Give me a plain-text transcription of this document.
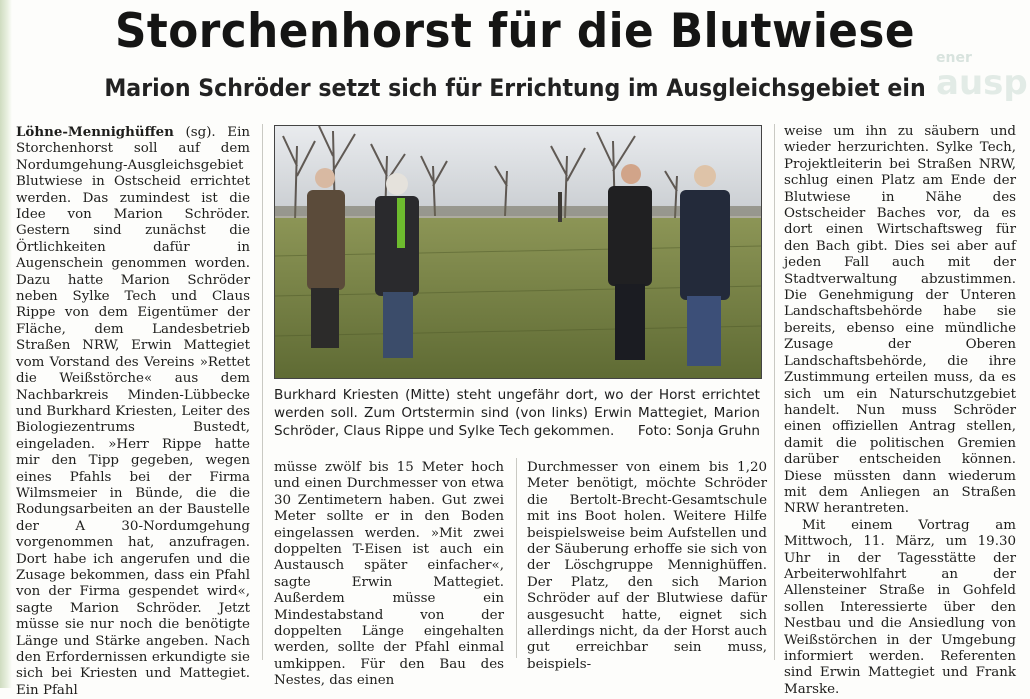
ener
ausp
Storchenhorst für die Blutwiese
Marion Schröder setzt sich für Errichtung im Ausgleichsgebiet ein

Löhne-Mennighüffen (sg). Ein Storchenhorst soll auf dem Nordumgehung-Ausgleichsgebiet Blutwiese in Ostscheid errichtet werden. Das zumindest ist die Idee von Marion Schröder. Gestern sind zunächst die Örtlichkeiten dafür in Augenschein genommen worden. Dazu hatte Marion Schröder neben Sylke Tech und Claus Rippe von dem Eigentümer der Fläche, dem Landesbetrieb Straßen NRW, Erwin Mattegiet vom Vorstand des Vereins »Rettet die Weißstörche« aus dem Nachbarkreis Minden-Lübbecke und Burkhard Kriesten, Leiter des Biologiezentrums Bustedt, eingeladen. »Herr Rippe hatte mir den Tipp gegeben, wegen eines Pfahls bei der Firma Wilmsmeier in Bünde, die die Rodungsarbeiten an der Baustelle der A 30-Nordumgehung vorgenommen hat, anzufragen. Dort habe ich angerufen und die Zusage bekommen, dass ein Pfahl von der Firma gespendet wird«, sagte Marion Schröder. Jetzt müsse sie nur noch die benötigte Länge und Stärke angeben. Nach den Erfordernissen erkundigte sie sich bei Kriesten und Mattegiet. Ein Pfahl

Burkhard Kriesten (Mitte) steht ungefähr dort, wo der Horst errichtet werden soll. Zum Ortstermin sind (von links) Erwin Mattegiet, Marion Schröder, Claus Rippe und Sylke Tech gekommen. Foto: Sonja Gruhn

müsse zwölf bis 15 Meter hoch und einen Durchmesser von etwa 30 Zentimetern haben. Gut zwei Meter sollte er in den Boden eingelassen werden. »Mit zwei doppelten T-Eisen ist auch ein Austausch später einfacher«, sagte Erwin Mattegiet. Außerdem müsse ein Mindestabstand von der doppelten Länge eingehalten werden, sollte der Pfahl einmal umkippen. Für den Bau des Nestes, das einen

Durchmesser von einem bis 1,20 Meter benötigt, möchte Schröder die Bertolt-Brecht-Gesamtschule mit ins Boot holen. Weitere Hilfe beispielsweise beim Aufstellen und der Säuberung erhoffe sie sich von der Löschgruppe Mennighüffen. Der Platz, den sich Marion Schröder auf der Blutwiese dafür ausgesucht hatte, eignet sich allerdings nicht, da der Horst auch gut erreichbar sein muss, beispiels-

weise um ihn zu säubern und wieder herzurichten. Sylke Tech, Projektleiterin bei Straßen NRW, schlug einen Platz am Ende der Blutwiese in Nähe des Ostscheider Baches vor, da es dort einen Wirtschaftsweg für den Bach gibt. Dies sei aber auf jeden Fall auch mit der Stadtverwaltung abzustimmen. Die Genehmigung der Unteren Landschaftsbehörde habe sie bereits, ebenso eine mündliche Zusage der Oberen Landschaftsbehörde, die ihre Zustimmung erteilen muss, da es sich um ein Naturschutzgebiet handelt. Nun muss Schröder einen offiziellen Antrag stellen, damit die politischen Gremien darüber entscheiden können. Diese müssten dann wiederum mit dem Anliegen an Straßen NRW herantreten.

Mit einem Vortrag am Mittwoch, 11. März, um 19.30 Uhr in der Tagesstätte der Arbeiterwohlfahrt an der Allensteiner Straße in Gohfeld sollen Interessierte über den Nestbau und die Ansiedlung von Weißstörchen in der Umgebung informiert werden. Referenten sind Erwin Mattegiet und Frank Marske.
